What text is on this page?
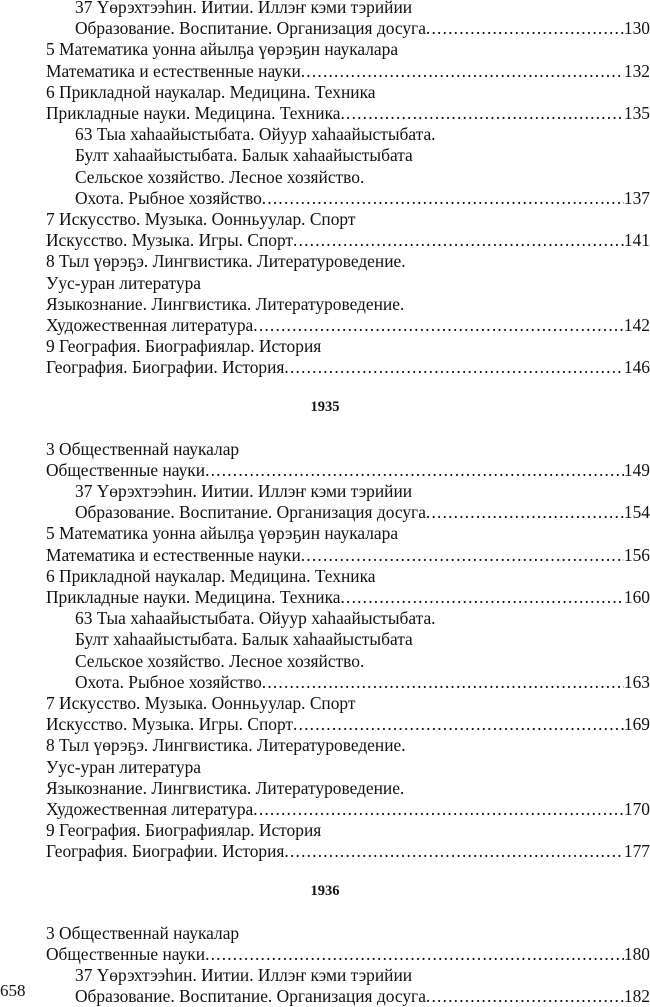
37 Үөрэхтээһин. Иитии. Иллэҥ кэми тэрийии
Образование. Воспитание. Организация досуга .....	130
5 Математика уонна айылҕа үөрэҕин наукалара
Математика и естественные науки .....	132
6 Прикладной наукалар. Медицина. Техника
Прикладные науки. Медицина. Техника .....	135
63 Тыа хаһаайыстыбата. Ойуур хаһаайыстыбата.
Булт хаһаайыстыбата. Балык хаһаайыстыбата
Сельское хозяйство. Лесное хозяйство.
Охота. Рыбное хозяйство .....	137
7 Искусство. Музыка. Оонньуулар. Спорт
Искусство. Музыка. Игры. Спорт .....	141
8 Тыл үөрэҕэ. Лингвистика. Литературоведение.
Уус-уран литература
Языкознание. Лингвистика. Литературоведение.
Художественная литература .....	142
9 География. Биографиялар. История
География. Биографии. История .....	146
1935
3 Общественнай наукалар
Общественные науки .....	149
37 Үөрэхтээһин. Иитии. Иллэҥ кэми тэрийии
Образование. Воспитание. Организация досуга .....	154
5 Математика уонна айылҕа үөрэҕин наукалара
Математика и естественные науки .....	156
6 Прикладной наукалар. Медицина. Техника
Прикладные науки. Медицина. Техника .....	160
63 Тыа хаһаайыстыбата. Ойуур хаһаайыстыбата.
Булт хаһаайыстыбата. Балык хаһаайыстыбата
Сельское хозяйство. Лесное хозяйство.
Охота. Рыбное хозяйство .....	163
7 Искусство. Музыка. Оонньуулар. Спорт
Искусство. Музыка. Игры. Спорт .....	169
8 Тыл үөрэҕэ. Лингвистика. Литературоведение.
Уус-уран литература
Языкознание. Лингвистика. Литературоведение.
Художественная литература .....	170
9 География. Биографиялар. История
География. Биографии. История .....	177
1936
3 Общественнай наукалар
Общественные науки .....	180
37 Үөрэхтээһин. Иитии. Иллэҥ кэми тэрийии
Образование. Воспитание. Организация досуга .....	182
658
